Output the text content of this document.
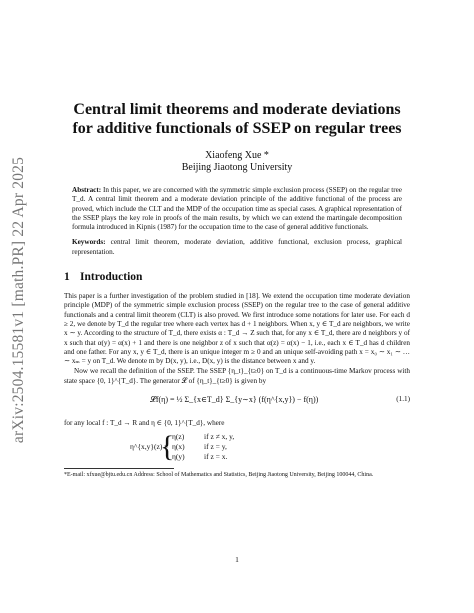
arXiv:2504.15581v1 [math.PR] 22 Apr 2025
Central limit theorems and moderate deviations for additive functionals of SSEP on regular trees
Xiaofeng Xue *
Beijing Jiaotong University

Abstract: In this paper, we are concerned with the symmetric simple exclusion process (SSEP) on the regular tree T_d. A central limit theorem and a moderate deviation principle of the additive functional of the process are proved, which include the CLT and the MDP of the occupation time as special cases. A graphical representation of the SSEP plays the key role in proofs of the main results, by which we can extend the martingale decomposition formula introduced in Kipnis (1987) for the occupation time to the case of general additive functionals.

Keywords: central limit theorem, moderate deviation, additive functional, exclusion process, graphical representation.

1 Introduction

This paper is a further investigation of the problem studied in [18]. We extend the occupation time moderate deviation principle (MDP) of the symmetric simple exclusion process (SSEP) on the regular tree to the case of general additive functionals and a central limit theorem (CLT) is also proved. We first introduce some notations for later use. For each d ≥ 2, we denote by T_d the regular tree where each vertex has d + 1 neighbors. When x, y ∈ T_d are neighbors, we write x ∼ y. According to the structure of T_d, there exists α : T_d → Z such that, for any x ∈ T_d, there are d neighbors y of x such that α(y) = α(x) + 1 and there is one neighbor z of x such that α(z) = α(x) − 1, i.e., each x ∈ T_d has d children and one father. For any x, y ∈ T_d, there is an unique integer m ≥ 0 and an unique self-avoiding path x = x₀ ∼ x₁ ∼ … ∼ xₘ = y on T_d. We denote m by D(x, y), i.e., D(x, y) is the distance between x and y.

Now we recall the definition of the SSEP. The SSEP {η_t}_{t≥0} on T_d is a continuous-time Markov process with state space {0, 1}^{T_d}. The generator 𝓛 of {η_t}_{t≥0} is given by

𝓛f(η) = ½ Σ_{x∈T_d} Σ_{y∼x} (f(η^{x,y}) − f(η))	(1.1)

for any local f : T_d → R and η ∈ {0, 1}^{T_d}, where

η^{x,y}(z) =
{
η(z)	if z ≠ x, y,
η(x)	if z = y,
η(y)	if z = x.

*E-mail: xfxue@bjtu.edu.cn Address: School of Mathematics and Statistics, Beijing Jiaotong University, Beijing 100044, China.

1
